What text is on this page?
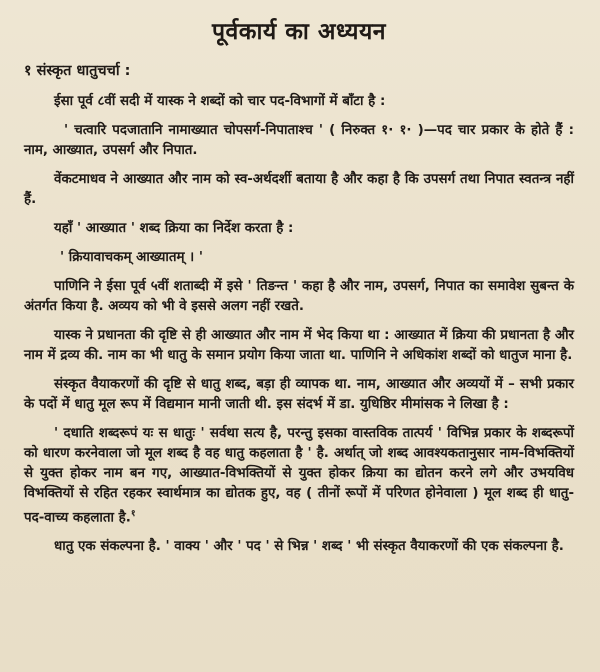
पूर्वकार्य का अध्ययन
१ संस्कृत धातुचर्चा :

ईसा पूर्व ८वीं सदी में यास्क ने शब्दों को चार पद-विभागों में बाँटा है :

' चत्वारि पदजातानि नामाख्यात चोपसर्ग-निपाताश्च ' ( निरुक्त १· १· )—पद चार प्रकार के होते हैं : नाम, आख्यात, उपसर्ग और निपात.

वेंकटमाधव ने आख्यात और नाम को स्व-अर्थदर्शी बताया है और कहा है कि उपसर्ग तथा निपात स्वतन्त्र नहीं हैं.

यहाँ ' आख्यात ' शब्द क्रिया का निर्देश करता है :

' क्रियावाचकम् आख्यातम् । '

पाणिनि ने ईसा पूर्व ५वीं शताब्दी में इसे ' तिङन्त ' कहा है और नाम, उपसर्ग, निपात का समावेश सुबन्त के अंतर्गत किया है. अव्यय को भी वे इससे अलग नहीं रखते.

यास्क ने प्रधानता की दृष्टि से ही आख्यात और नाम में भेद किया था : आख्यात में क्रिया की प्रधानता है और नाम में द्रव्य की. नाम का भी धातु के समान प्रयोग किया जाता था. पाणिनि ने अधिकांश शब्दों को धातुज माना है.

संस्कृत वैयाकरणों की दृष्टि से धातु शब्द, बड़ा ही व्यापक था. नाम, आख्यात और अव्ययों में – सभी प्रकार के पदों में धातु मूल रूप में विद्यमान मानी जाती थी. इस संदर्भ में डा. युधिष्ठिर मीमांसक ने लिखा है :

' दधाति शब्दरूपं यः स धातुः ' सर्वथा सत्य है, परन्तु इसका वास्तविक तात्पर्य ' विभिन्न प्रकार के शब्दरूपों को धारण करनेवाला जो मूल शब्द है वह धातु कहलाता है ' है. अर्थात् जो शब्द आवश्यकतानुसार नाम-विभक्तियों से युक्त होकर नाम बन गए, आख्यात-विभक्तियों से युक्त होकर क्रिया का द्योतन करने लगे और उभयविध विभक्तियों से रहित रहकर स्वार्थमात्र का द्योतक हुए, वह ( तीनों रूपों में परिणत होनेवाला ) मूल शब्द ही धातु-पद-वाच्य कहलाता है.$^१$

धातु एक संकल्पना है. ' वाक्य ' और ' पद ' से भिन्न ' शब्द ' भी संस्कृत वैयाकरणों की एक संकल्पना है.
